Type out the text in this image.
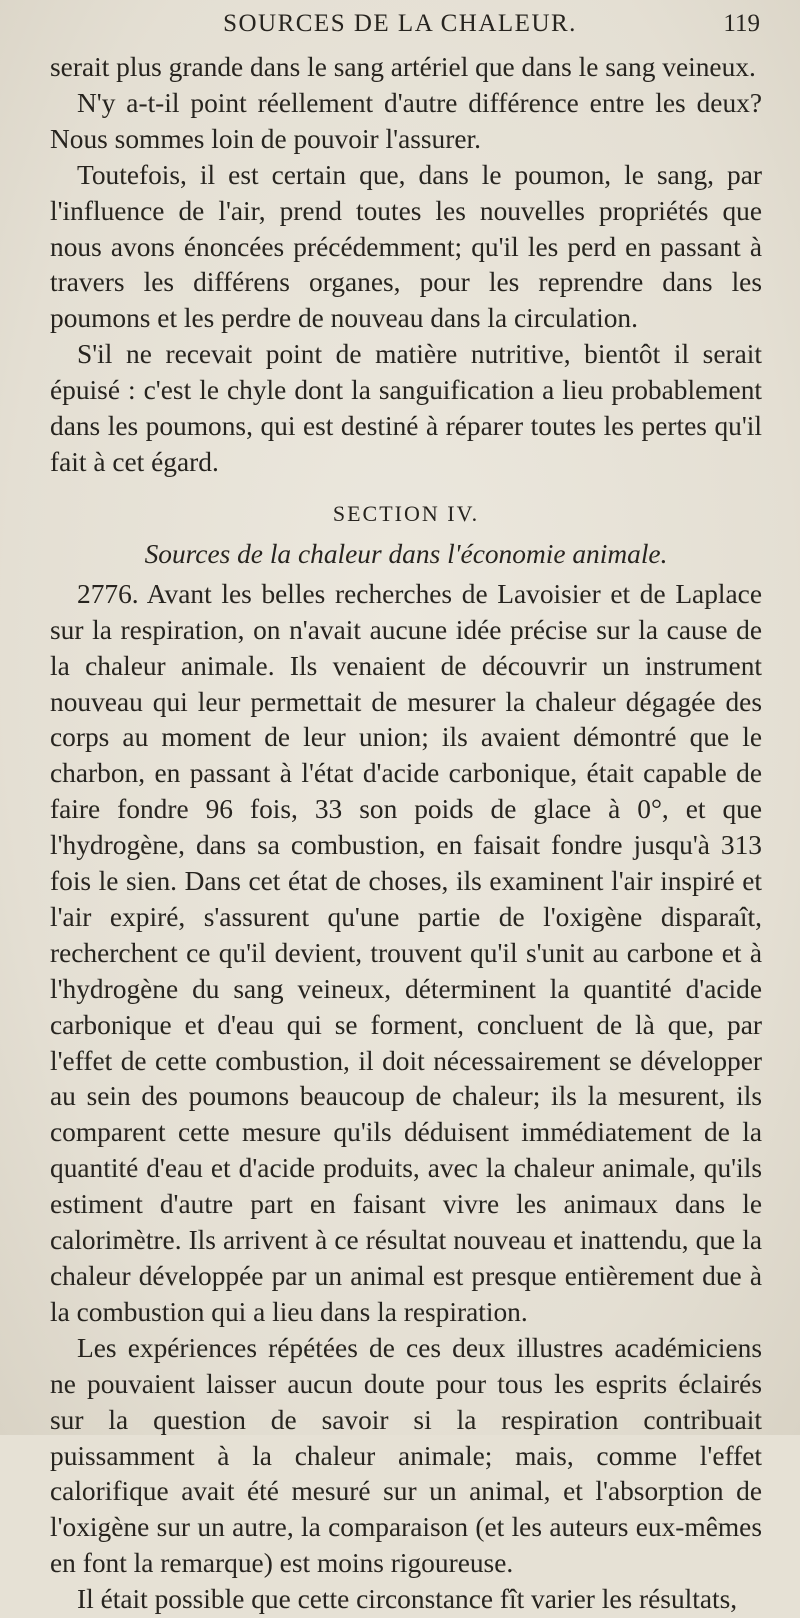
SOURCES DE LA CHALEUR.	119

serait plus grande dans le sang artériel que dans le sang veineux.

N'y a-t-il point réellement d'autre différence entre les deux? Nous sommes loin de pouvoir l'assurer.

Toutefois, il est certain que, dans le poumon, le sang, par l'influence de l'air, prend toutes les nouvelles propriétés que nous avons énoncées précédemment; qu'il les perd en passant à travers les différens organes, pour les reprendre dans les poumons et les perdre de nouveau dans la circulation.

S'il ne recevait point de matière nutritive, bientôt il serait épuisé : c'est le chyle dont la sanguification a lieu probablement dans les poumons, qui est destiné à réparer toutes les pertes qu'il fait à cet égard.

SECTION IV.
Sources de la chaleur dans l'économie animale.

2776. Avant les belles recherches de Lavoisier et de Laplace sur la respiration, on n'avait aucune idée précise sur la cause de la chaleur animale. Ils venaient de découvrir un instrument nouveau qui leur permettait de mesurer la chaleur dégagée des corps au moment de leur union; ils avaient démontré que le charbon, en passant à l'état d'acide carbonique, était capable de faire fondre 96 fois, 33 son poids de glace à 0°, et que l'hydrogène, dans sa combustion, en faisait fondre jusqu'à 313 fois le sien. Dans cet état de choses, ils examinent l'air inspiré et l'air expiré, s'assurent qu'une partie de l'oxigène disparaît, recherchent ce qu'il devient, trouvent qu'il s'unit au carbone et à l'hydrogène du sang veineux, déterminent la quantité d'acide carbonique et d'eau qui se forment, concluent de là que, par l'effet de cette combustion, il doit nécessairement se développer au sein des poumons beaucoup de chaleur; ils la mesurent, ils comparent cette mesure qu'ils déduisent immédiatement de la quantité d'eau et d'acide produits, avec la chaleur animale, qu'ils estiment d'autre part en faisant vivre les animaux dans le calorimètre. Ils arrivent à ce résultat nouveau et inattendu, que la chaleur développée par un animal est presque entièrement due à la combustion qui a lieu dans la respiration.

Les expériences répétées de ces deux illustres académiciens ne pouvaient laisser aucun doute pour tous les esprits éclairés sur la question de savoir si la respiration contribuait puissamment à la chaleur animale; mais, comme l'effet calorifique avait été mesuré sur un animal, et l'absorption de l'oxigène sur un autre, la comparaison (et les auteurs eux-mêmes en font la remarque) est moins rigoureuse.

Il était possible que cette circonstance fît varier les résultats,
